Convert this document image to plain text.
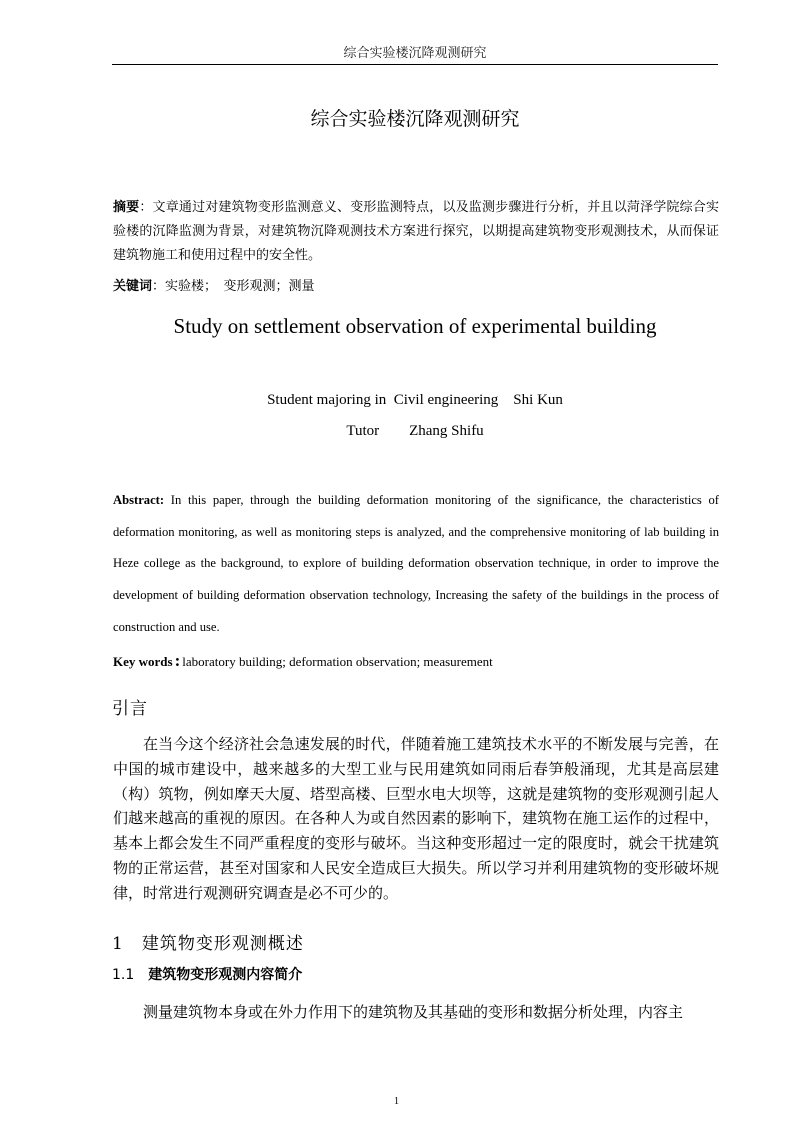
综合实验楼沉降观测研究
综合实验楼沉降观测研究
摘要：文章通过对建筑物变形监测意义、变形监测特点，以及监测步骤进行分析，并且以菏泽学院综合实验楼的沉降监测为背景，对建筑物沉降观测技术方案进行探究，以期提高建筑物变形观测技术，从而保证建筑物施工和使用过程中的安全性。
关键词：实验楼；　变形观测；测量
Study on settlement observation of experimental building
Student majoring in  Civil engineering    Shi Kun
Tutor        Zhang Shifu
Abstract: In this paper, through the building deformation monitoring of the significance, the characteristics of deformation monitoring, as well as monitoring steps is analyzed, and the comprehensive monitoring of lab building in Heze college as the background, to explore of building deformation observation technique, in order to improve the development of building deformation observation technology, Increasing the safety of the buildings in the process of construction and use.
Key words : laboratory building; deformation observation; measurement
引言
在当今这个经济社会急速发展的时代，伴随着施工建筑技术水平的不断发展与完善，在中国的城市建设中，越来越多的大型工业与民用建筑如同雨后春笋般涌现，尤其是高层建（构）筑物，例如摩天大厦、塔型高楼、巨型水电大坝等，这就是建筑物的变形观测引起人们越来越高的重视的原因。在各种人为或自然因素的影响下，建筑物在施工运作的过程中，基本上都会发生不同严重程度的变形与破坏。当这种变形超过一定的限度时，就会干扰建筑物的正常运营，甚至对国家和人民安全造成巨大损失。所以学习并利用建筑物的变形破坏规律，时常进行观测研究调查是必不可少的。
1　建筑物变形观测概述
1.1 建筑物变形观测内容简介
测量建筑物本身或在外力作用下的建筑物及其基础的变形和数据分析处理，内容主
1
